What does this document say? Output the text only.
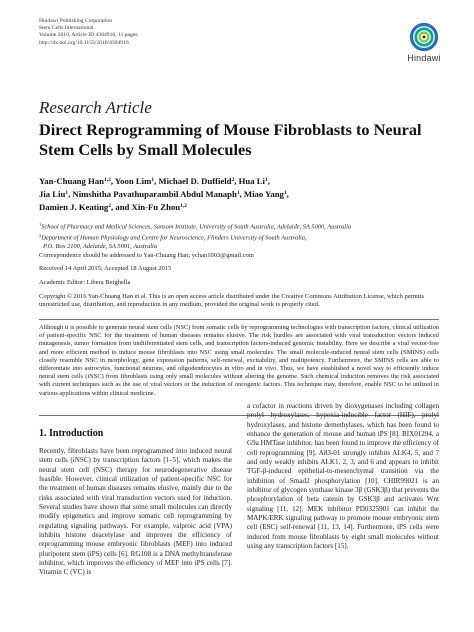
Hindawi Publishing Corporation
Stem Cells International
Volume 2016, Article ID 4304916, 11 pages
http://dx.doi.org/10.1155/2016/4304916
Hindawi
Research Article
Direct Reprogramming of Mouse Fibroblasts to Neural Stem Cells by Small Molecules
Yan-Chuang Han$^{1,2}$, Yoon Lim$^1$, Michael D. Duffield$^2$, Hua Li$^1$,
Jia Liu$^1$, Nimshitha Pavathuparambil Abdul Manaph$^1$, Miao Yang$^1$,
Damien J. Keating$^2$, and Xin-Fu Zhou$^{1,2}$
$^1$School of Pharmacy and Medical Sciences, Sansom Institute, University of South Australia, Adelaide, SA 5000, Australia
$^2$Department of Human Physiology and Centre for Neuroscience, Flinders University of South Australia,
P.O. Box 2100, Adelaide, SA 5001, Australia
Correspondence should be addressed to Yan-Chuang Han; ychan1003@gmail.com
Received 14 April 2015; Accepted 18 August 2015
Academic Editor: Libera Berghella
Copyright © 2016 Yan-Chuang Han et al. This is an open access article distributed under the Creative Commons Attribution License, which permits unrestricted use, distribution, and reproduction in any medium, provided the original work is properly cited.
Although it is possible to generate neural stem cells (NSC) from somatic cells by reprogramming technologies with transcription factors, clinical utilization of patient-specific NSC for the treatment of human diseases remains elusive. The risk hurdles are associated with viral transduction vectors induced mutagenesis, tumor formation from undifferentiated stem cells, and transcription factors-induced genomic instability. Here we describe a viral vector-free and more efficient method to induce mouse fibroblasts into NSC using small molecules. The small molecule-induced neural stem cells (SMINS) cells closely resemble NSC in morphology, gene expression patterns, self-renewal, excitability, and multipotency. Furthermore, the SMINS cells are able to differentiate into astrocytes, functional neurons, and oligodendrocytes in vitro and in vivo. Thus, we have established a novel way to efficiently induce neural stem cells (iNSC) from fibroblasts using only small molecules without altering the genome. Such chemical induction removes the risk associated with current techniques such as the use of viral vectors or the induction of oncogenic factors. This technique may, therefore, enable NSC to be utilized in various applications within clinical medicine.
1. Introduction
Recently, fibroblasts have been reprogrammed into induced neural stem cells (iNSC) by transcription factors [1–5], which makes the neural stem cell (NSC) therapy for neurodegenerative disease feasible. However, clinical utilization of patient-specific NSC for the treatment of human diseases remains elusive, mainly due to the risks associated with viral transduction vectors used for induction. Several studies have shown that some small molecules can directly modify epigenetics and improve somatic cell reprogramming by regulating signaling pathways. For example, valproic acid (VPA) inhibits histone deacetylase and improves the efficiency of reprogramming mouse embryonic fibroblasts (MEF) into induced pluripotent stem (iPS) cells [6]. RG108 is a DNA methyltransferase inhibitor, which improves the efficiency of MEF into iPS cells [7]. Vitamin C (VC) is
a cofactor in reactions driven by dioxygenases including collagen prolyl hydroxylases, hypoxia-inducible factor (HIF), prolyl hydroxylases, and histone demethylases, which has been found to enhance the generation of mouse and human iPS [8]. BIX01294, a G9a HMTase inhibitor, has been found to improve the efficiency of cell reprogramming [9]. A83-01 strongly inhibits ALK4, 5, and 7 and only weakly inhibits ALK1, 2, 3, and 6 and appears to inhibit TGF-β-induced epithelial-to-mesenchymal transition via the inhibition of Smad2 phosphorylation [10]. CHIR99021 is an inhibitor of glycogen synthase kinase 3β (GSK3β) that prevents the phosphorylation of beta catenin by GSK3β and activates Wnt signaling [11, 12]. MEK inhibitor PD0325901 can inhibit the MAPK/ERK signaling pathway to promote mouse embryonic stem cell (ESC) self-renewal [11, 13, 14]. Furthermore, iPS cells were induced from mouse fibroblasts by eight small molecules without using any transcription factors [15].
